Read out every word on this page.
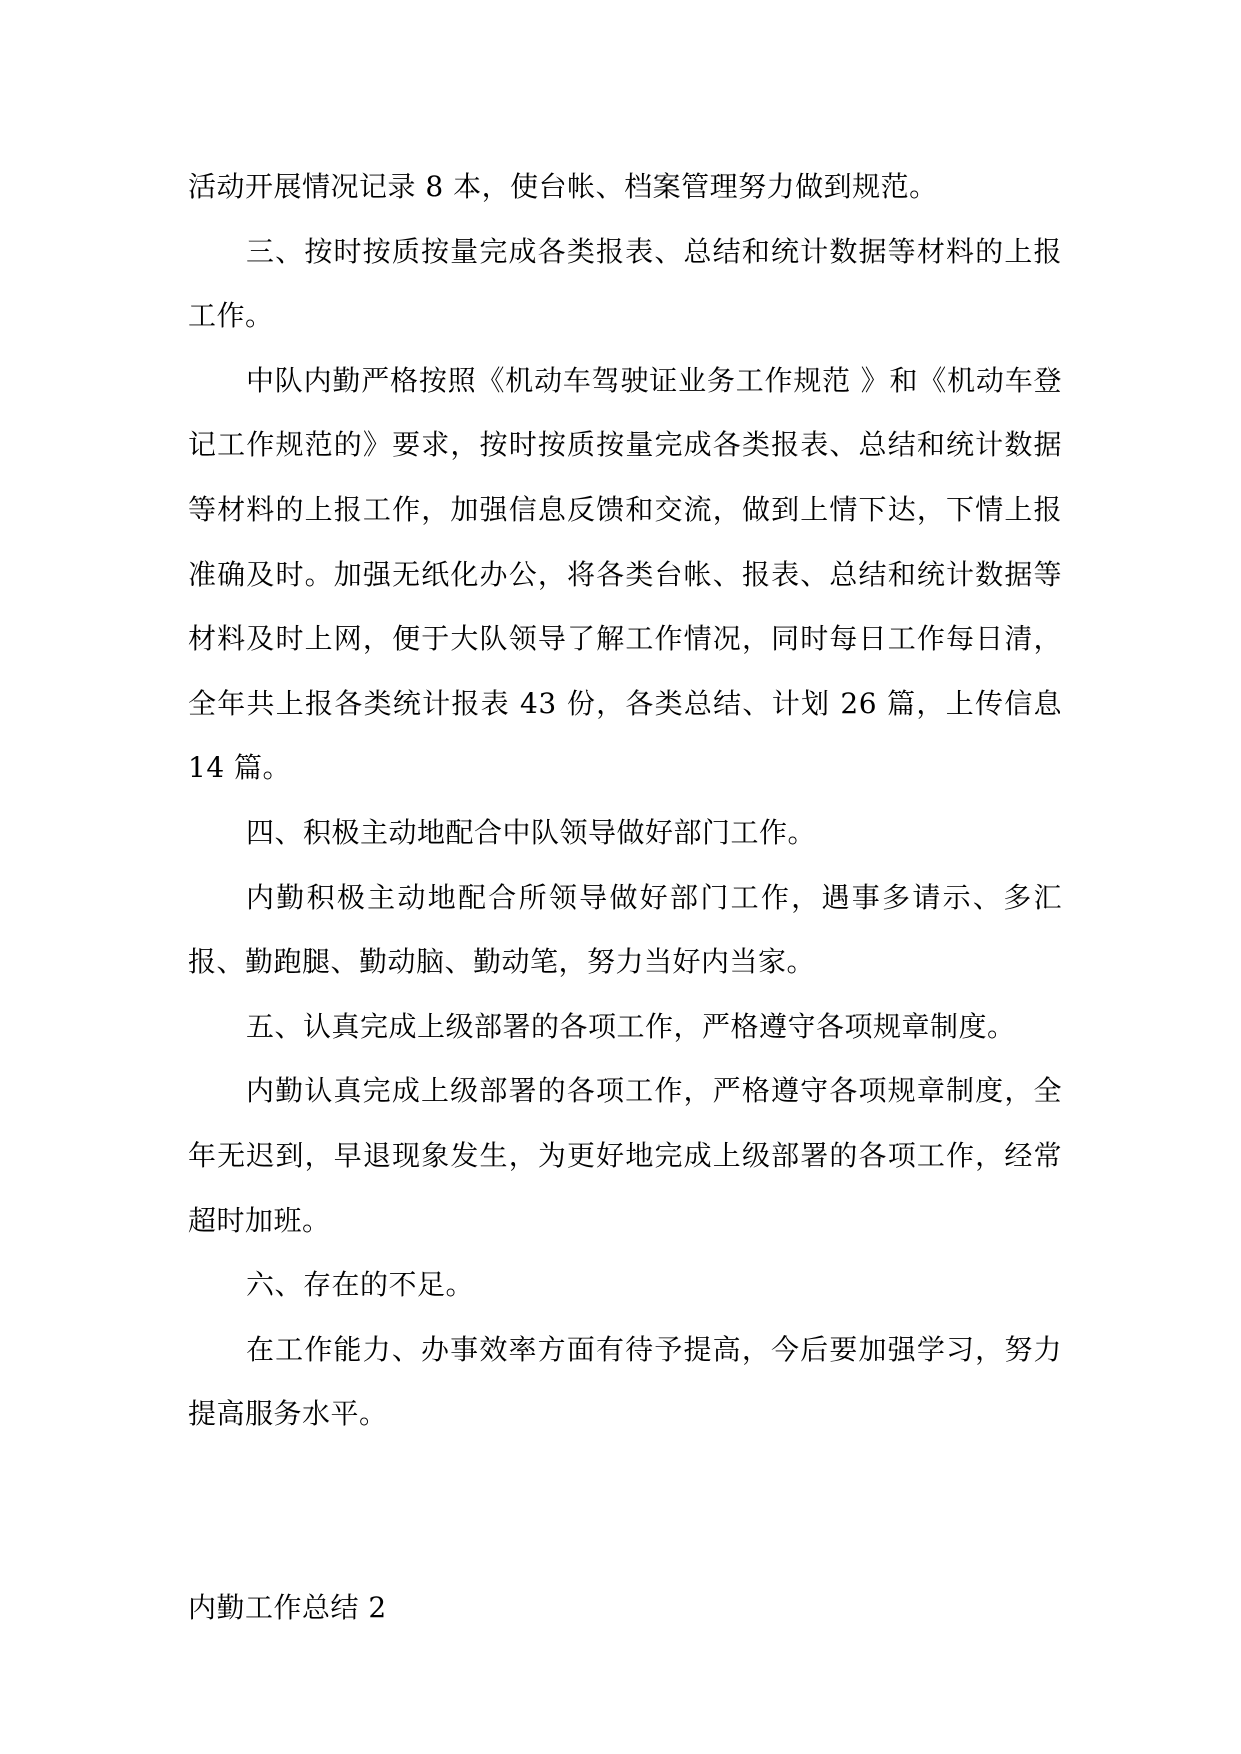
活动开展情况记录 8 本，使台帐、档案管理努力做到规范。

三、按时按质按量完成各类报表、总结和统计数据等材料的上报工作。

中队内勤严格按照《机动车驾驶证业务工作规范 》和《机动车登记工作规范的》要求，按时按质按量完成各类报表、总结和统计数据等材料的上报工作，加强信息反馈和交流，做到上情下达，下情上报准确及时。加强无纸化办公，将各类台帐、报表、总结和统计数据等材料及时上网，便于大队领导了解工作情况，同时每日工作每日清，全年共上报各类统计报表 43 份，各类总结、计划 26 篇，上传信息 14 篇。

四、积极主动地配合中队领导做好部门工作。

内勤积极主动地配合所领导做好部门工作，遇事多请示、多汇报、勤跑腿、勤动脑、勤动笔，努力当好内当家。

五、认真完成上级部署的各项工作，严格遵守各项规章制度。

内勤认真完成上级部署的各项工作，严格遵守各项规章制度，全年无迟到，早退现象发生，为更好地完成上级部署的各项工作，经常超时加班。

六、存在的不足。

在工作能力、办事效率方面有待予提高，今后要加强学习，努力提高服务水平。

内勤工作总结 2
